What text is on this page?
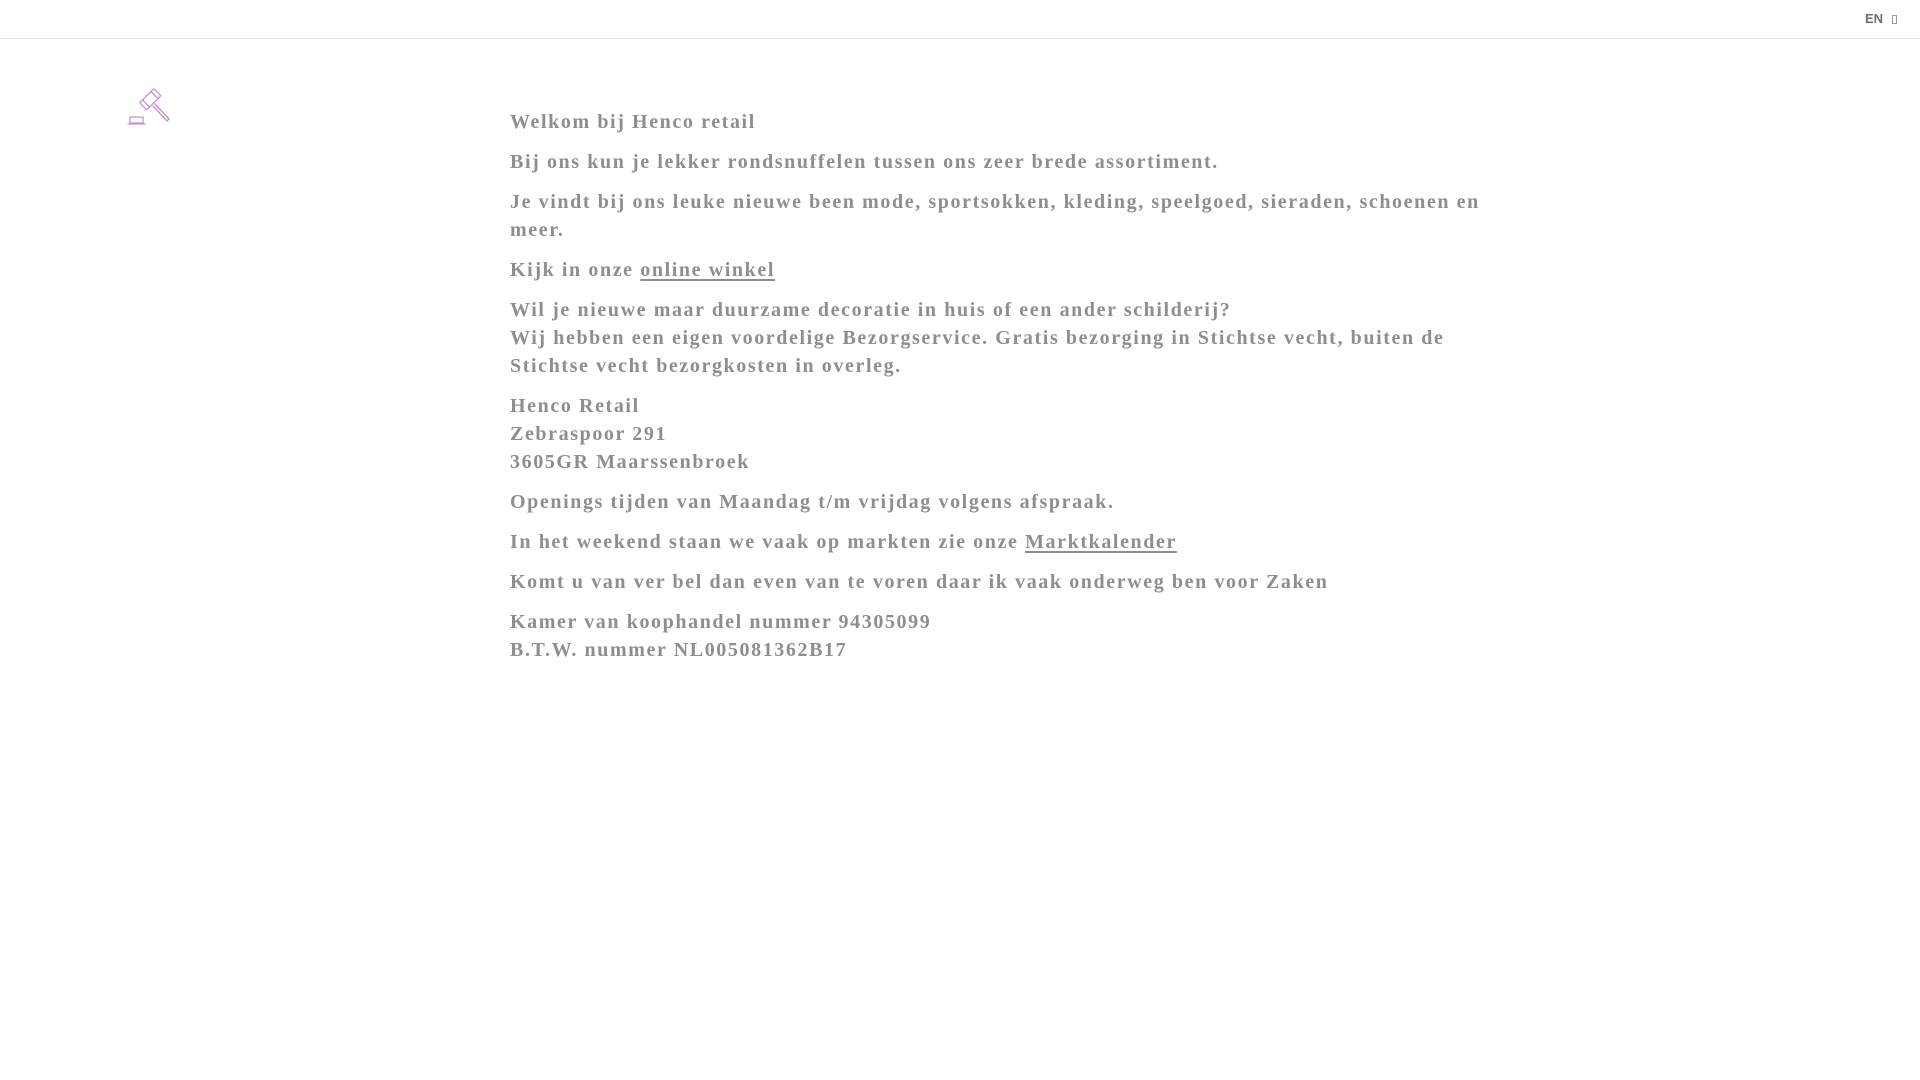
EN

Welkom bij Henco retail

Bij ons kun je lekker rondsnuffelen tussen ons zeer brede assortiment.

Je vindt bij ons leuke nieuwe been mode, sportsokken, kleding, speelgoed, sieraden, schoenen en meer.

Kijk in onze online winkel

Wil je nieuwe maar duurzame decoratie in huis of een ander schilderij?
Wij hebben een eigen voordelige Bezorgservice. Gratis bezorging in Stichtse vecht, buiten de Stichtse vecht bezorgkosten in overleg.

Henco Retail
Zebraspoor 291
3605GR Maarssenbroek

Openings tijden van Maandag t/m vrijdag volgens afspraak.

In het weekend staan we vaak op markten zie onze Marktkalender

Komt u van ver bel dan even van te voren daar ik vaak onderweg ben voor Zaken

Kamer van koophandel nummer 94305099
B.T.W. nummer NL005081362B17
